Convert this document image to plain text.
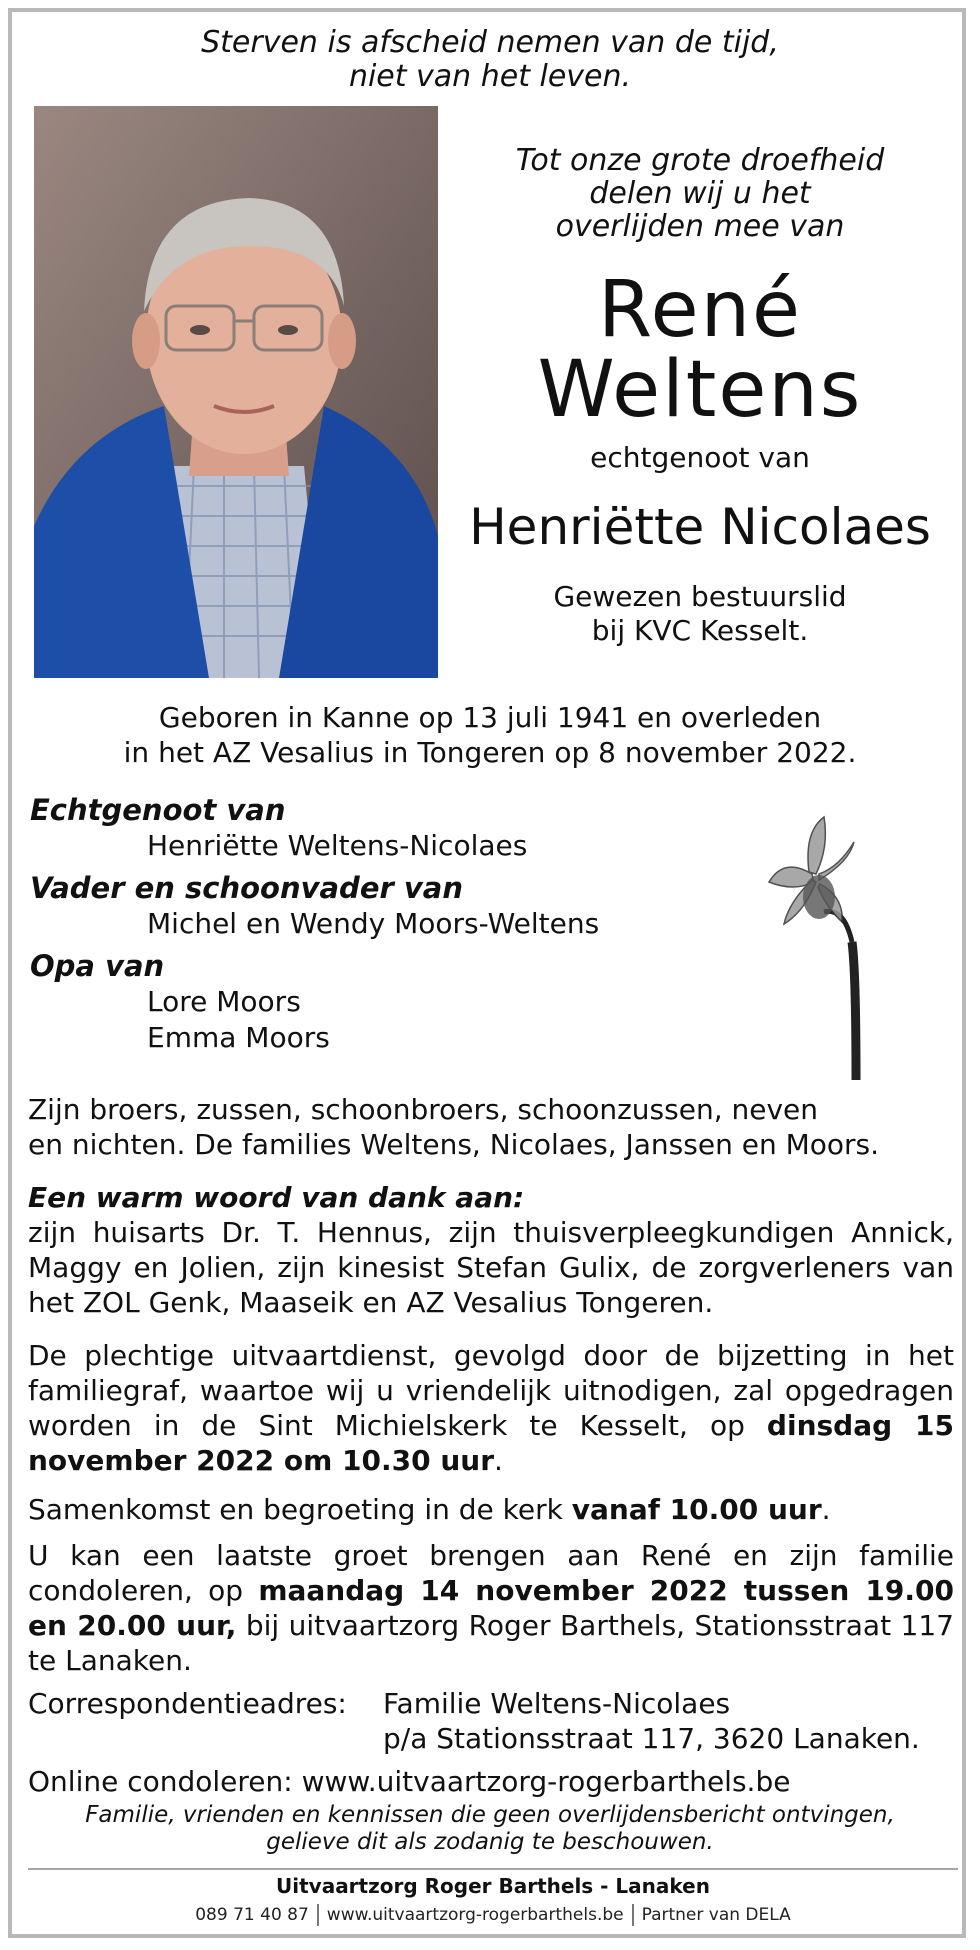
Sterven is afscheid nemen van de tijd,
niet van het leven.
Tot onze grote droefheid
delen wij u het
overlijden mee van
René
Weltens
echtgenoot van
Henriëtte Nicolaes
Gewezen bestuurslid
bij KVC Kesselt.
Geboren in Kanne op 13 juli 1941 en overleden
in het AZ Vesalius in Tongeren op 8 november 2022.
Echtgenoot van
Henriëtte Weltens-Nicolaes
Vader en schoonvader van
Michel en Wendy Moors-Weltens
Opa van
Lore Moors
Emma Moors
Zijn broers, zussen, schoonbroers, schoonzussen, neven
en nichten. De families Weltens, Nicolaes, Janssen en Moors.
Een warm woord van dank aan:
zijn huisarts Dr. T. Hennus, zijn thuisverpleegkundigen Annick, Maggy en Jolien, zijn kinesist Stefan Gulix, de zorgverleners van het ZOL Genk, Maaseik en AZ Vesalius Tongeren.
De plechtige uitvaartdienst, gevolgd door de bijzetting in het familiegraf, waartoe wij u vriendelijk uitnodigen, zal opgedragen worden in de Sint Michielskerk te Kesselt, op dinsdag 15 november 2022 om 10.30 uur.
Samenkomst en begroeting in de kerk vanaf 10.00 uur.
U kan een laatste groet brengen aan René en zijn familie condoleren, op maandag 14 november 2022 tussen 19.00 en 20.00 uur, bij uitvaartzorg Roger Barthels, Stationsstraat 117 te Lanaken.
Correspondentieadres: Familie Weltens-Nicolaes
p/a Stationsstraat 117, 3620 Lanaken.
Online condoleren: www.uitvaartzorg-rogerbarthels.be
Familie, vrienden en kennissen die geen overlijdensbericht ontvingen,
gelieve dit als zodanig te beschouwen.
Uitvaartzorg Roger Barthels - Lanaken
089 71 40 87 www.uitvaartzorg-rogerbarthels.be Partner van DELA
